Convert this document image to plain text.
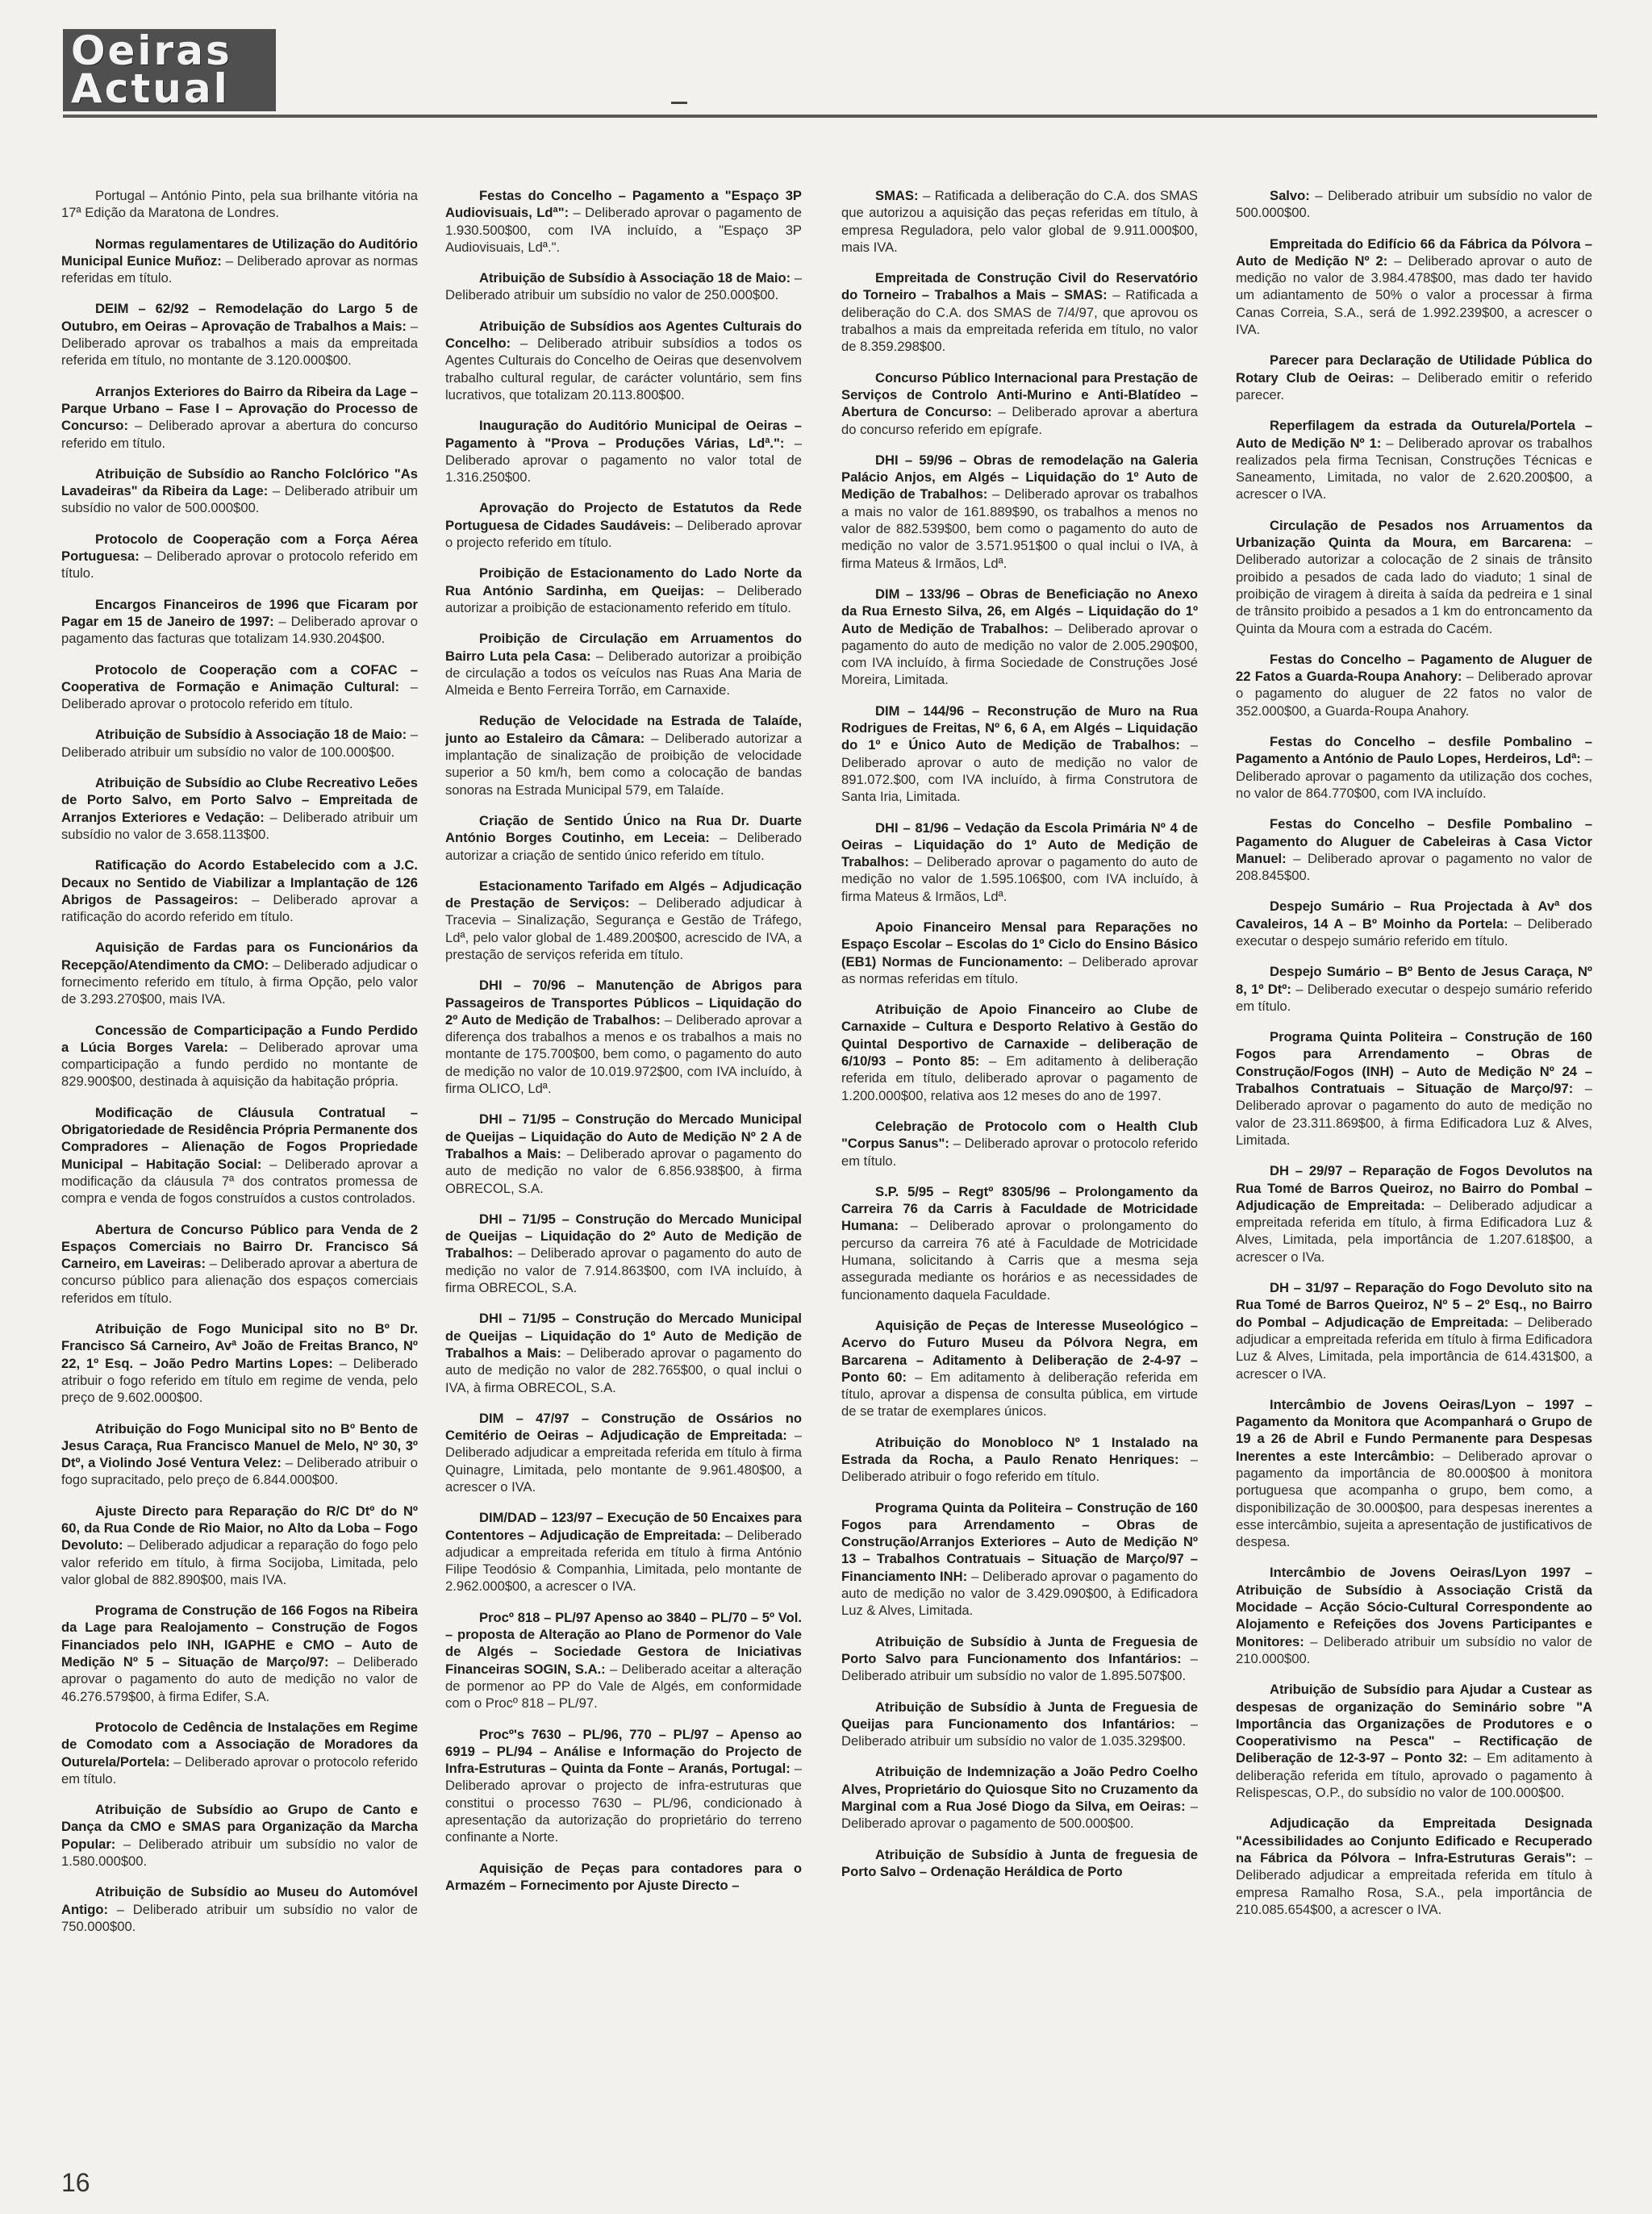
Oeiras
Actual

Portugal – António Pinto, pela sua brilhante vitória na 17ª Edição da Maratona de Londres.

Normas regulamentares de Utilização do Auditório Municipal Eunice Muñoz: – Deliberado aprovar as normas referidas em título.

DEIM – 62/92 – Remodelação do Largo 5 de Outubro, em Oeiras – Aprovação de Trabalhos a Mais: – Deliberado aprovar os trabalhos a mais da empreitada referida em título, no montante de 3.120.000$00.

Arranjos Exteriores do Bairro da Ribeira da Lage – Parque Urbano – Fase I – Aprovação do Processo de Concurso: – Deliberado aprovar a abertura do concurso referido em título.

Atribuição de Subsídio ao Rancho Folclórico "As Lavadeiras" da Ribeira da Lage: – Deliberado atribuir um subsídio no valor de 500.000$00.

Protocolo de Cooperação com a Força Aérea Portuguesa: – Deliberado aprovar o protocolo referido em título.

Encargos Financeiros de 1996 que Ficaram por Pagar em 15 de Janeiro de 1997: – Deliberado aprovar o pagamento das facturas que totalizam 14.930.204$00.

Protocolo de Cooperação com a COFAC – Cooperativa de Formação e Animação Cultural: – Deliberado aprovar o protocolo referido em título.

Atribuição de Subsídio à Associação 18 de Maio: – Deliberado atribuir um subsídio no valor de 100.000$00.

Atribuição de Subsídio ao Clube Recreativo Leões de Porto Salvo, em Porto Salvo – Empreitada de Arranjos Exteriores e Vedação: – Deliberado atribuir um subsídio no valor de 3.658.113$00.

Ratificação do Acordo Estabelecido com a J.C. Decaux no Sentido de Viabilizar a Implantação de 126 Abrigos de Passageiros: – Deliberado aprovar a ratificação do acordo referido em título.

Aquisição de Fardas para os Funcionários da Recepção/Atendimento da CMO: – Deliberado adjudicar o fornecimento referido em título, à firma Opção, pelo valor de 3.293.270$00, mais IVA.

Concessão de Comparticipação a Fundo Perdido a Lúcia Borges Varela: – Deliberado aprovar uma comparticipação a fundo perdido no montante de 829.900$00, destinada à aquisição da habitação própria.

Modificação de Cláusula Contratual – Obrigatoriedade de Residência Própria Permanente dos Compradores – Alienação de Fogos Propriedade Municipal – Habitação Social: – Deliberado aprovar a modificação da cláusula 7ª dos contratos promessa de compra e venda de fogos construídos a custos controlados.

Abertura de Concurso Público para Venda de 2 Espaços Comerciais no Bairro Dr. Francisco Sá Carneiro, em Laveiras: – Deliberado aprovar a abertura de concurso público para alienação dos espaços comerciais referidos em título.

Atribuição de Fogo Municipal sito no Bº Dr. Francisco Sá Carneiro, Avª João de Freitas Branco, Nº 22, 1º Esq. – João Pedro Martins Lopes: – Deliberado atribuir o fogo referido em título em regime de venda, pelo preço de 9.602.000$00.

Atribuição do Fogo Municipal sito no Bº Bento de Jesus Caraça, Rua Francisco Manuel de Melo, Nº 30, 3º Dtº, a Violindo José Ventura Velez: – Deliberado atribuir o fogo supracitado, pelo preço de 6.844.000$00.

Ajuste Directo para Reparação do R/C Dtº do Nº 60, da Rua Conde de Rio Maior, no Alto da Loba – Fogo Devoluto: – Deliberado adjudicar a reparação do fogo pelo valor referido em título, à firma Socijoba, Limitada, pelo valor global de 882.890$00, mais IVA.

Programa de Construção de 166 Fogos na Ribeira da Lage para Realojamento – Construção de Fogos Financiados pelo INH, IGAPHE e CMO – Auto de Medição Nº 5 – Situação de Março/97: – Deliberado aprovar o pagamento do auto de medição no valor de 46.276.579$00, à firma Edifer, S.A.

Protocolo de Cedência de Instalações em Regime de Comodato com a Associação de Moradores da Outurela/Portela: – Deliberado aprovar o protocolo referido em título.

Atribuição de Subsídio ao Grupo de Canto e Dança da CMO e SMAS para Organização da Marcha Popular: – Deliberado atribuir um subsídio no valor de 1.580.000$00.

Atribuição de Subsídio ao Museu do Automóvel Antigo: – Deliberado atribuir um subsídio no valor de 750.000$00.

Festas do Concelho – Pagamento a "Espaço 3P Audiovisuais, Ldª": – Deliberado aprovar o pagamento de 1.930.500$00, com IVA incluído, a "Espaço 3P Audiovisuais, Ldª.".

Atribuição de Subsídio à Associação 18 de Maio: – Deliberado atribuir um subsídio no valor de 250.000$00.

Atribuição de Subsídios aos Agentes Culturais do Concelho: – Deliberado atribuir subsídios a todos os Agentes Culturais do Concelho de Oeiras que desenvolvem trabalho cultural regular, de carácter voluntário, sem fins lucrativos, que totalizam 20.113.800$00.

Inauguração do Auditório Municipal de Oeiras – Pagamento à "Prova – Produções Várias, Ldª.": – Deliberado aprovar o pagamento no valor total de 1.316.250$00.

Aprovação do Projecto de Estatutos da Rede Portuguesa de Cidades Saudáveis: – Deliberado aprovar o projecto referido em título.

Proibição de Estacionamento do Lado Norte da Rua António Sardinha, em Queijas: – Deliberado autorizar a proibição de estacionamento referido em título.

Proibição de Circulação em Arruamentos do Bairro Luta pela Casa: – Deliberado autorizar a proibição de circulação a todos os veículos nas Ruas Ana Maria de Almeida e Bento Ferreira Torrão, em Carnaxide.

Redução de Velocidade na Estrada de Talaíde, junto ao Estaleiro da Câmara: – Deliberado autorizar a implantação de sinalização de proibição de velocidade superior a 50 km/h, bem como a colocação de bandas sonoras na Estrada Municipal 579, em Talaíde.

Criação de Sentido Único na Rua Dr. Duarte António Borges Coutinho, em Leceia: – Deliberado autorizar a criação de sentido único referido em título.

Estacionamento Tarifado em Algés – Adjudicação de Prestação de Serviços: – Deliberado adjudicar à Tracevia – Sinalização, Segurança e Gestão de Tráfego, Ldª, pelo valor global de 1.489.200$00, acrescido de IVA, a prestação de serviços referida em título.

DHI – 70/96 – Manutenção de Abrigos para Passageiros de Transportes Públicos – Liquidação do 2º Auto de Medição de Trabalhos: – Deliberado aprovar a diferença dos trabalhos a menos e os trabalhos a mais no montante de 175.700$00, bem como, o pagamento do auto de medição no valor de 10.019.972$00, com IVA incluído, à firma OLICO, Ldª.

DHI – 71/95 – Construção do Mercado Municipal de Queijas – Liquidação do Auto de Medição Nº 2 A de Trabalhos a Mais: – Deliberado aprovar o pagamento do auto de medição no valor de 6.856.938$00, à firma OBRECOL, S.A.

DHI – 71/95 – Construção do Mercado Municipal de Queijas – Liquidação do 2º Auto de Medição de Trabalhos: – Deliberado aprovar o pagamento do auto de medição no valor de 7.914.863$00, com IVA incluído, à firma OBRECOL, S.A.

DHI – 71/95 – Construção do Mercado Municipal de Queijas – Liquidação do 1º Auto de Medição de Trabalhos a Mais: – Deliberado aprovar o pagamento do auto de medição no valor de 282.765$00, o qual inclui o IVA, à firma OBRECOL, S.A.

DIM – 47/97 – Construção de Ossários no Cemitério de Oeiras – Adjudicação de Empreitada: – Deliberado adjudicar a empreitada referida em título à firma Quinagre, Limitada, pelo montante de 9.961.480$00, a acrescer o IVA.

DIM/DAD – 123/97 – Execução de 50 Encaixes para Contentores – Adjudicação de Empreitada: – Deliberado adjudicar a empreitada referida em título à firma António Filipe Teodósio & Companhia, Limitada, pelo montante de 2.962.000$00, a acrescer o IVA.

Procº 818 – PL/97 Apenso ao 3840 – PL/70 – 5º Vol. – proposta de Alteração ao Plano de Pormenor do Vale de Algés – Sociedade Gestora de Iniciativas Financeiras SOGIN, S.A.: – Deliberado aceitar a alteração de pormenor ao PP do Vale de Algés, em conformidade com o Procº 818 – PL/97.

Procº's 7630 – PL/96, 770 – PL/97 – Apenso ao 6919 – PL/94 – Análise e Informação do Projecto de Infra-Estruturas – Quinta da Fonte – Aranás, Portugal: – Deliberado aprovar o projecto de infra-estruturas que constitui o processo 7630 – PL/96, condicionado à apresentação da autorização do proprietário do terreno confinante a Norte.

Aquisição de Peças para contadores para o Armazém – Fornecimento por Ajuste Directo –

SMAS: – Ratificada a deliberação do C.A. dos SMAS que autorizou a aquisição das peças referidas em título, à empresa Reguladora, pelo valor global de 9.911.000$00, mais IVA.

Empreitada de Construção Civil do Reservatório do Torneiro – Trabalhos a Mais – SMAS: – Ratificada a deliberação do C.A. dos SMAS de 7/4/97, que aprovou os trabalhos a mais da empreitada referida em título, no valor de 8.359.298$00.

Concurso Público Internacional para Prestação de Serviços de Controlo Anti-Murino e Anti-Blatídeo – Abertura de Concurso: – Deliberado aprovar a abertura do concurso referido em epígrafe.

DHI – 59/96 – Obras de remodelação na Galeria Palácio Anjos, em Algés – Liquidação do 1º Auto de Medição de Trabalhos: – Deliberado aprovar os trabalhos a mais no valor de 161.889$90, os trabalhos a menos no valor de 882.539$00, bem como o pagamento do auto de medição no valor de 3.571.951$00 o qual inclui o IVA, à firma Mateus & Irmãos, Ldª.

DIM – 133/96 – Obras de Beneficiação no Anexo da Rua Ernesto Silva, 26, em Algés – Liquidação do 1º Auto de Medição de Trabalhos: – Deliberado aprovar o pagamento do auto de medição no valor de 2.005.290$00, com IVA incluído, à firma Sociedade de Construções José Moreira, Limitada.

DIM – 144/96 – Reconstrução de Muro na Rua Rodrigues de Freitas, Nº 6, 6 A, em Algés – Liquidação do 1º e Único Auto de Medição de Trabalhos: – Deliberado aprovar o auto de medição no valor de 891.072.$00, com IVA incluído, à firma Construtora de Santa Iria, Limitada.

DHI – 81/96 – Vedação da Escola Primária Nº 4 de Oeiras – Liquidação do 1º Auto de Medição de Trabalhos: – Deliberado aprovar o pagamento do auto de medição no valor de 1.595.106$00, com IVA incluído, à firma Mateus & Irmãos, Ldª.

Apoio Financeiro Mensal para Reparações no Espaço Escolar – Escolas do 1º Ciclo do Ensino Básico (EB1) Normas de Funcionamento: – Deliberado aprovar as normas referidas em título.

Atribuição de Apoio Financeiro ao Clube de Carnaxide – Cultura e Desporto Relativo à Gestão do Quintal Desportivo de Carnaxide – deliberação de 6/10/93 – Ponto 85: – Em aditamento à deliberação referida em título, deliberado aprovar o pagamento de 1.200.000$00, relativa aos 12 meses do ano de 1997.

Celebração de Protocolo com o Health Club "Corpus Sanus": – Deliberado aprovar o protocolo referido em título.

S.P. 5/95 – Regtº 8305/96 – Prolongamento da Carreira 76 da Carris à Faculdade de Motricidade Humana: – Deliberado aprovar o prolongamento do percurso da carreira 76 até à Faculdade de Motricidade Humana, solicitando à Carris que a mesma seja assegurada mediante os horários e as necessidades de funcionamento daquela Faculdade.

Aquisição de Peças de Interesse Museológico – Acervo do Futuro Museu da Pólvora Negra, em Barcarena – Aditamento à Deliberação de 2-4-97 – Ponto 60: – Em aditamento à deliberação referida em título, aprovar a dispensa de consulta pública, em virtude de se tratar de exemplares únicos.

Atribuição do Monobloco Nº 1 Instalado na Estrada da Rocha, a Paulo Renato Henriques: – Deliberado atribuir o fogo referido em título.

Programa Quinta da Politeira – Construção de 160 Fogos para Arrendamento – Obras de Construção/Arranjos Exteriores – Auto de Medição Nº 13 – Trabalhos Contratuais – Situação de Março/97 – Financiamento INH: – Deliberado aprovar o pagamento do auto de medição no valor de 3.429.090$00, à Edificadora Luz & Alves, Limitada.

Atribuição de Subsídio à Junta de Freguesia de Porto Salvo para Funcionamento dos Infantários: – Deliberado atribuir um subsídio no valor de 1.895.507$00.

Atribuição de Subsídio à Junta de Freguesia de Queijas para Funcionamento dos Infantários: – Deliberado atribuir um subsídio no valor de 1.035.329$00.

Atribuição de Indemnização a João Pedro Coelho Alves, Proprietário do Quiosque Sito no Cruzamento da Marginal com a Rua José Diogo da Silva, em Oeiras: – Deliberado aprovar o pagamento de 500.000$00.

Atribuição de Subsídio à Junta de freguesia de Porto Salvo – Ordenação Heráldica de Porto

Salvo: – Deliberado atribuir um subsídio no valor de 500.000$00.

Empreitada do Edifício 66 da Fábrica da Pólvora – Auto de Medição Nº 2: – Deliberado aprovar o auto de medição no valor de 3.984.478$00, mas dado ter havido um adiantamento de 50% o valor a processar à firma Canas Correia, S.A., será de 1.992.239$00, a acrescer o IVA.

Parecer para Declaração de Utilidade Pública do Rotary Club de Oeiras: – Deliberado emitir o referido parecer.

Reperfilagem da estrada da Outurela/Portela – Auto de Medição Nº 1: – Deliberado aprovar os trabalhos realizados pela firma Tecnisan, Construções Técnicas e Saneamento, Limitada, no valor de 2.620.200$00, a acrescer o IVA.

Circulação de Pesados nos Arruamentos da Urbanização Quinta da Moura, em Barcarena: – Deliberado autorizar a colocação de 2 sinais de trânsito proibido a pesados de cada lado do viaduto; 1 sinal de proibição de viragem à direita à saída da pedreira e 1 sinal de trânsito proibido a pesados a 1 km do entroncamento da Quinta da Moura com a estrada do Cacém.

Festas do Concelho – Pagamento de Aluguer de 22 Fatos a Guarda-Roupa Anahory: – Deliberado aprovar o pagamento do aluguer de 22 fatos no valor de 352.000$00, a Guarda-Roupa Anahory.

Festas do Concelho – desfile Pombalino – Pagamento a António de Paulo Lopes, Herdeiros, Ldª: – Deliberado aprovar o pagamento da utilização dos coches, no valor de 864.770$00, com IVA incluído.

Festas do Concelho – Desfile Pombalino – Pagamento do Aluguer de Cabeleiras à Casa Victor Manuel: – Deliberado aprovar o pagamento no valor de 208.845$00.

Despejo Sumário – Rua Projectada à Avª dos Cavaleiros, 14 A – Bº Moinho da Portela: – Deliberado executar o despejo sumário referido em título.

Despejo Sumário – Bº Bento de Jesus Caraça, Nº 8, 1º Dtº: – Deliberado executar o despejo sumário referido em título.

Programa Quinta Politeira – Construção de 160 Fogos para Arrendamento – Obras de Construção/Fogos (INH) – Auto de Medição Nº 24 – Trabalhos Contratuais – Situação de Março/97: – Deliberado aprovar o pagamento do auto de medição no valor de 23.311.869$00, à firma Edificadora Luz & Alves, Limitada.

DH – 29/97 – Reparação de Fogos Devolutos na Rua Tomé de Barros Queiroz, no Bairro do Pombal – Adjudicação de Empreitada: – Deliberado adjudicar a empreitada referida em título, à firma Edificadora Luz & Alves, Limitada, pela importância de 1.207.618$00, a acrescer o IVa.

DH – 31/97 – Reparação do Fogo Devoluto sito na Rua Tomé de Barros Queiroz, Nº 5 – 2º Esq., no Bairro do Pombal – Adjudicação de Empreitada: – Deliberado adjudicar a empreitada referida em título à firma Edificadora Luz & Alves, Limitada, pela importância de 614.431$00, a acrescer o IVA.

Intercâmbio de Jovens Oeiras/Lyon – 1997 – Pagamento da Monitora que Acompanhará o Grupo de 19 a 26 de Abril e Fundo Permanente para Despesas Inerentes a este Intercâmbio: – Deliberado aprovar o pagamento da importância de 80.000$00 à monitora portuguesa que acompanha o grupo, bem como, a disponibilização de 30.000$00, para despesas inerentes a esse intercâmbio, sujeita a apresentação de justificativos de despesa.

Intercâmbio de Jovens Oeiras/Lyon 1997 – Atribuição de Subsídio à Associação Cristã da Mocidade – Acção Sócio-Cultural Correspondente ao Alojamento e Refeições dos Jovens Participantes e Monitores: – Deliberado atribuir um subsídio no valor de 210.000$00.

Atribuição de Subsídio para Ajudar a Custear as despesas de organização do Seminário sobre "A Importância das Organizações de Produtores e o Cooperativismo na Pesca" – Rectificação de Deliberação de 12-3-97 – Ponto 32: – Em aditamento à deliberação referida em título, aprovado o pagamento à Relispescas, O.P., do subsídio no valor de 100.000$00.

Adjudicação da Empreitada Designada "Acessibilidades ao Conjunto Edificado e Recuperado na Fábrica da Pólvora – Infra-Estruturas Gerais": – Deliberado adjudicar a empreitada referida em título à empresa Ramalho Rosa, S.A., pela importância de 210.085.654$00, a acrescer o IVA.

16
